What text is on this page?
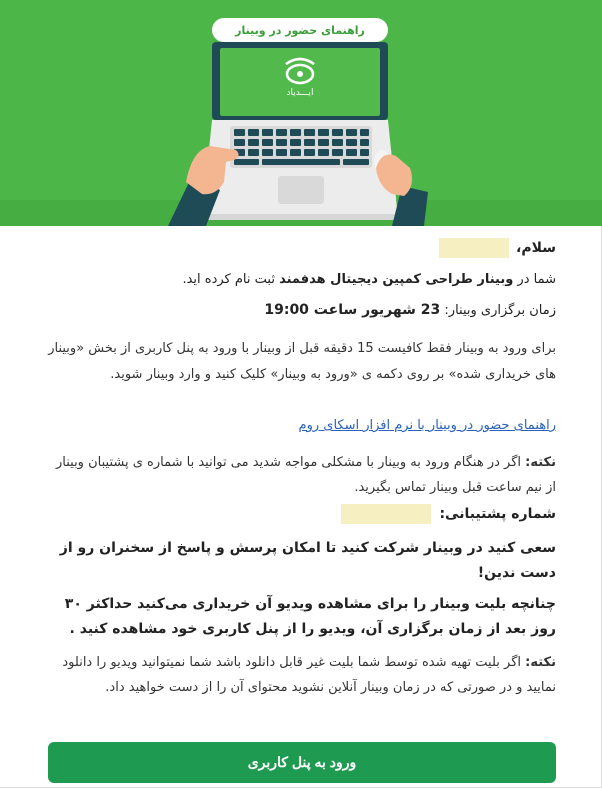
راهنمای حضور در وبینار
ایـــدیاد
سلام،
شما در وبینار طراحی کمپین دیجیتال هدفمند ثبت نام کرده اید.
زمان برگزاری وبینار: 23 شهریور ساعت 19:00
برای ورود به وبینار فقط کافیست 15 دقیقه قبل از وبینار با ورود به پنل کاربری از بخش «وبینار های خریداری شده» بر روی دکمه ی «ورود به وبینار» کلیک کنید و وارد وبینار شوید.
راهنمای حضور در وبینار با نرم افزار اسکای روم
نکته: اگر در هنگام ورود به وبینار با مشکلی مواجه شدید می توانید با شماره ی پشتیبان وبینار از نیم ساعت قبل وبینار تماس بگیرید.
شماره پشتیبانی:
سعی کنید در وبینار شرکت کنید تا امکان پرسش و پاسخ از سخنران رو از دست ندین!
چنانچه بلیت وبینار را برای مشاهده ویدیو آن خریداری می‌کنید حداکثر ۳۰ روز بعد از زمان برگزاری آن، ویدیو را از پنل کاربری خود مشاهده کنید .
نکته: اگر بلیت تهیه شده توسط شما بلیت غیر قابل دانلود باشد شما نمیتوانید ویدیو را دانلود نمایید و در صورتی که در زمان وبینار آنلاین نشوید محتوای آن را از دست خواهید داد.
ورود به پنل کاربری
